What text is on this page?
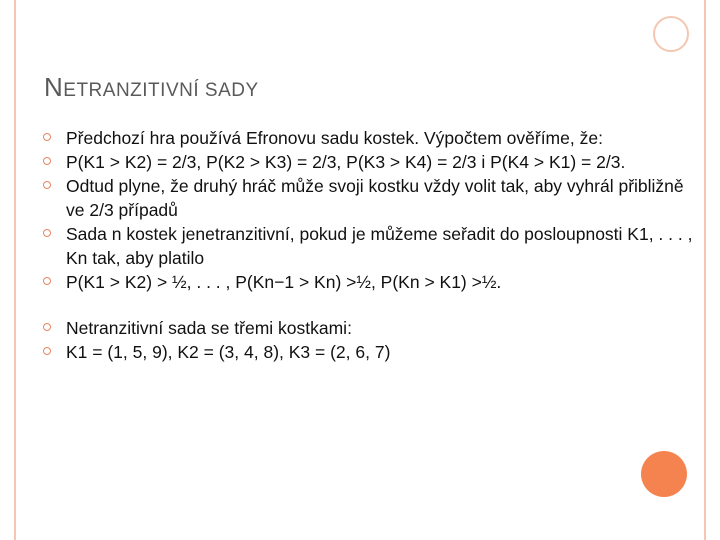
NETRANZITIVNÍ SADY
Předchozí hra používá Efronovu sadu kostek. Výpočtem ověříme, že:
P(K1 > K2) = 2/3, P(K2 > K3) = 2/3, P(K3 > K4) = 2/3 i P(K4 > K1) = 2/3.
Odtud plyne, že druhý hráč může svoji kostku vždy volit tak, aby vyhrál přibližně ve 2/3 případů
Sada n kostek jenetranzitivní, pokud je můžeme seřadit do posloupnosti K1, . . . , Kn tak, aby platilo
P(K1 > K2) > ½, . . . , P(Kn−1 > Kn) >½, P(Kn > K1) >½.
Netranzitivní sada se třemi kostkami:
K1 = (1, 5, 9), K2 = (3, 4, 8), K3 = (2, 6, 7)
